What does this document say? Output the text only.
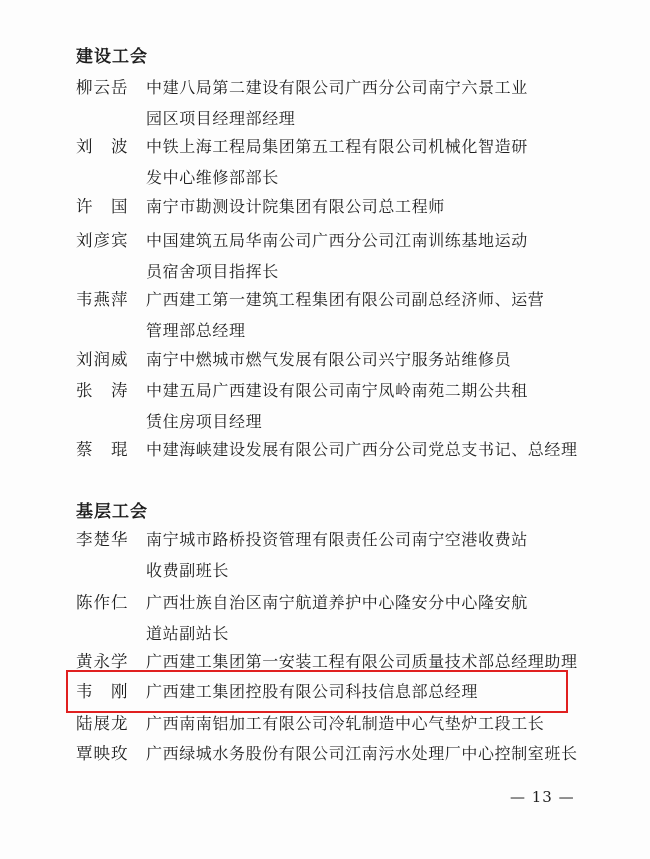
建设工会
柳云岳 中建八局第二建设有限公司广西分公司南宁六景工业
园区项目经理部经理
刘　波 中铁上海工程局集团第五工程有限公司机械化智造研
发中心维修部部长
许　国 南宁市勘测设计院集团有限公司总工程师
刘彦宾 中国建筑五局华南公司广西分公司江南训练基地运动
员宿舍项目指挥长
韦燕萍 广西建工第一建筑工程集团有限公司副总经济师、运营
管理部总经理
刘润威 南宁中燃城市燃气发展有限公司兴宁服务站维修员
张　涛 中建五局广西建设有限公司南宁凤岭南苑二期公共租
赁住房项目经理
蔡　琨 中建海峡建设发展有限公司广西分公司党总支书记、总经理
基层工会
李楚华 南宁城市路桥投资管理有限责任公司南宁空港收费站
收费副班长
陈作仁 广西壮族自治区南宁航道养护中心隆安分中心隆安航
道站副站长
黄永学 广西建工集团第一安装工程有限公司质量技术部总经理助理
韦　刚 广西建工集团控股有限公司科技信息部总经理
陆展龙 广西南南铝加工有限公司冷轧制造中心气垫炉工段工长
覃映玫 广西绿城水务股份有限公司江南污水处理厂中心控制室班长
— 13 —
